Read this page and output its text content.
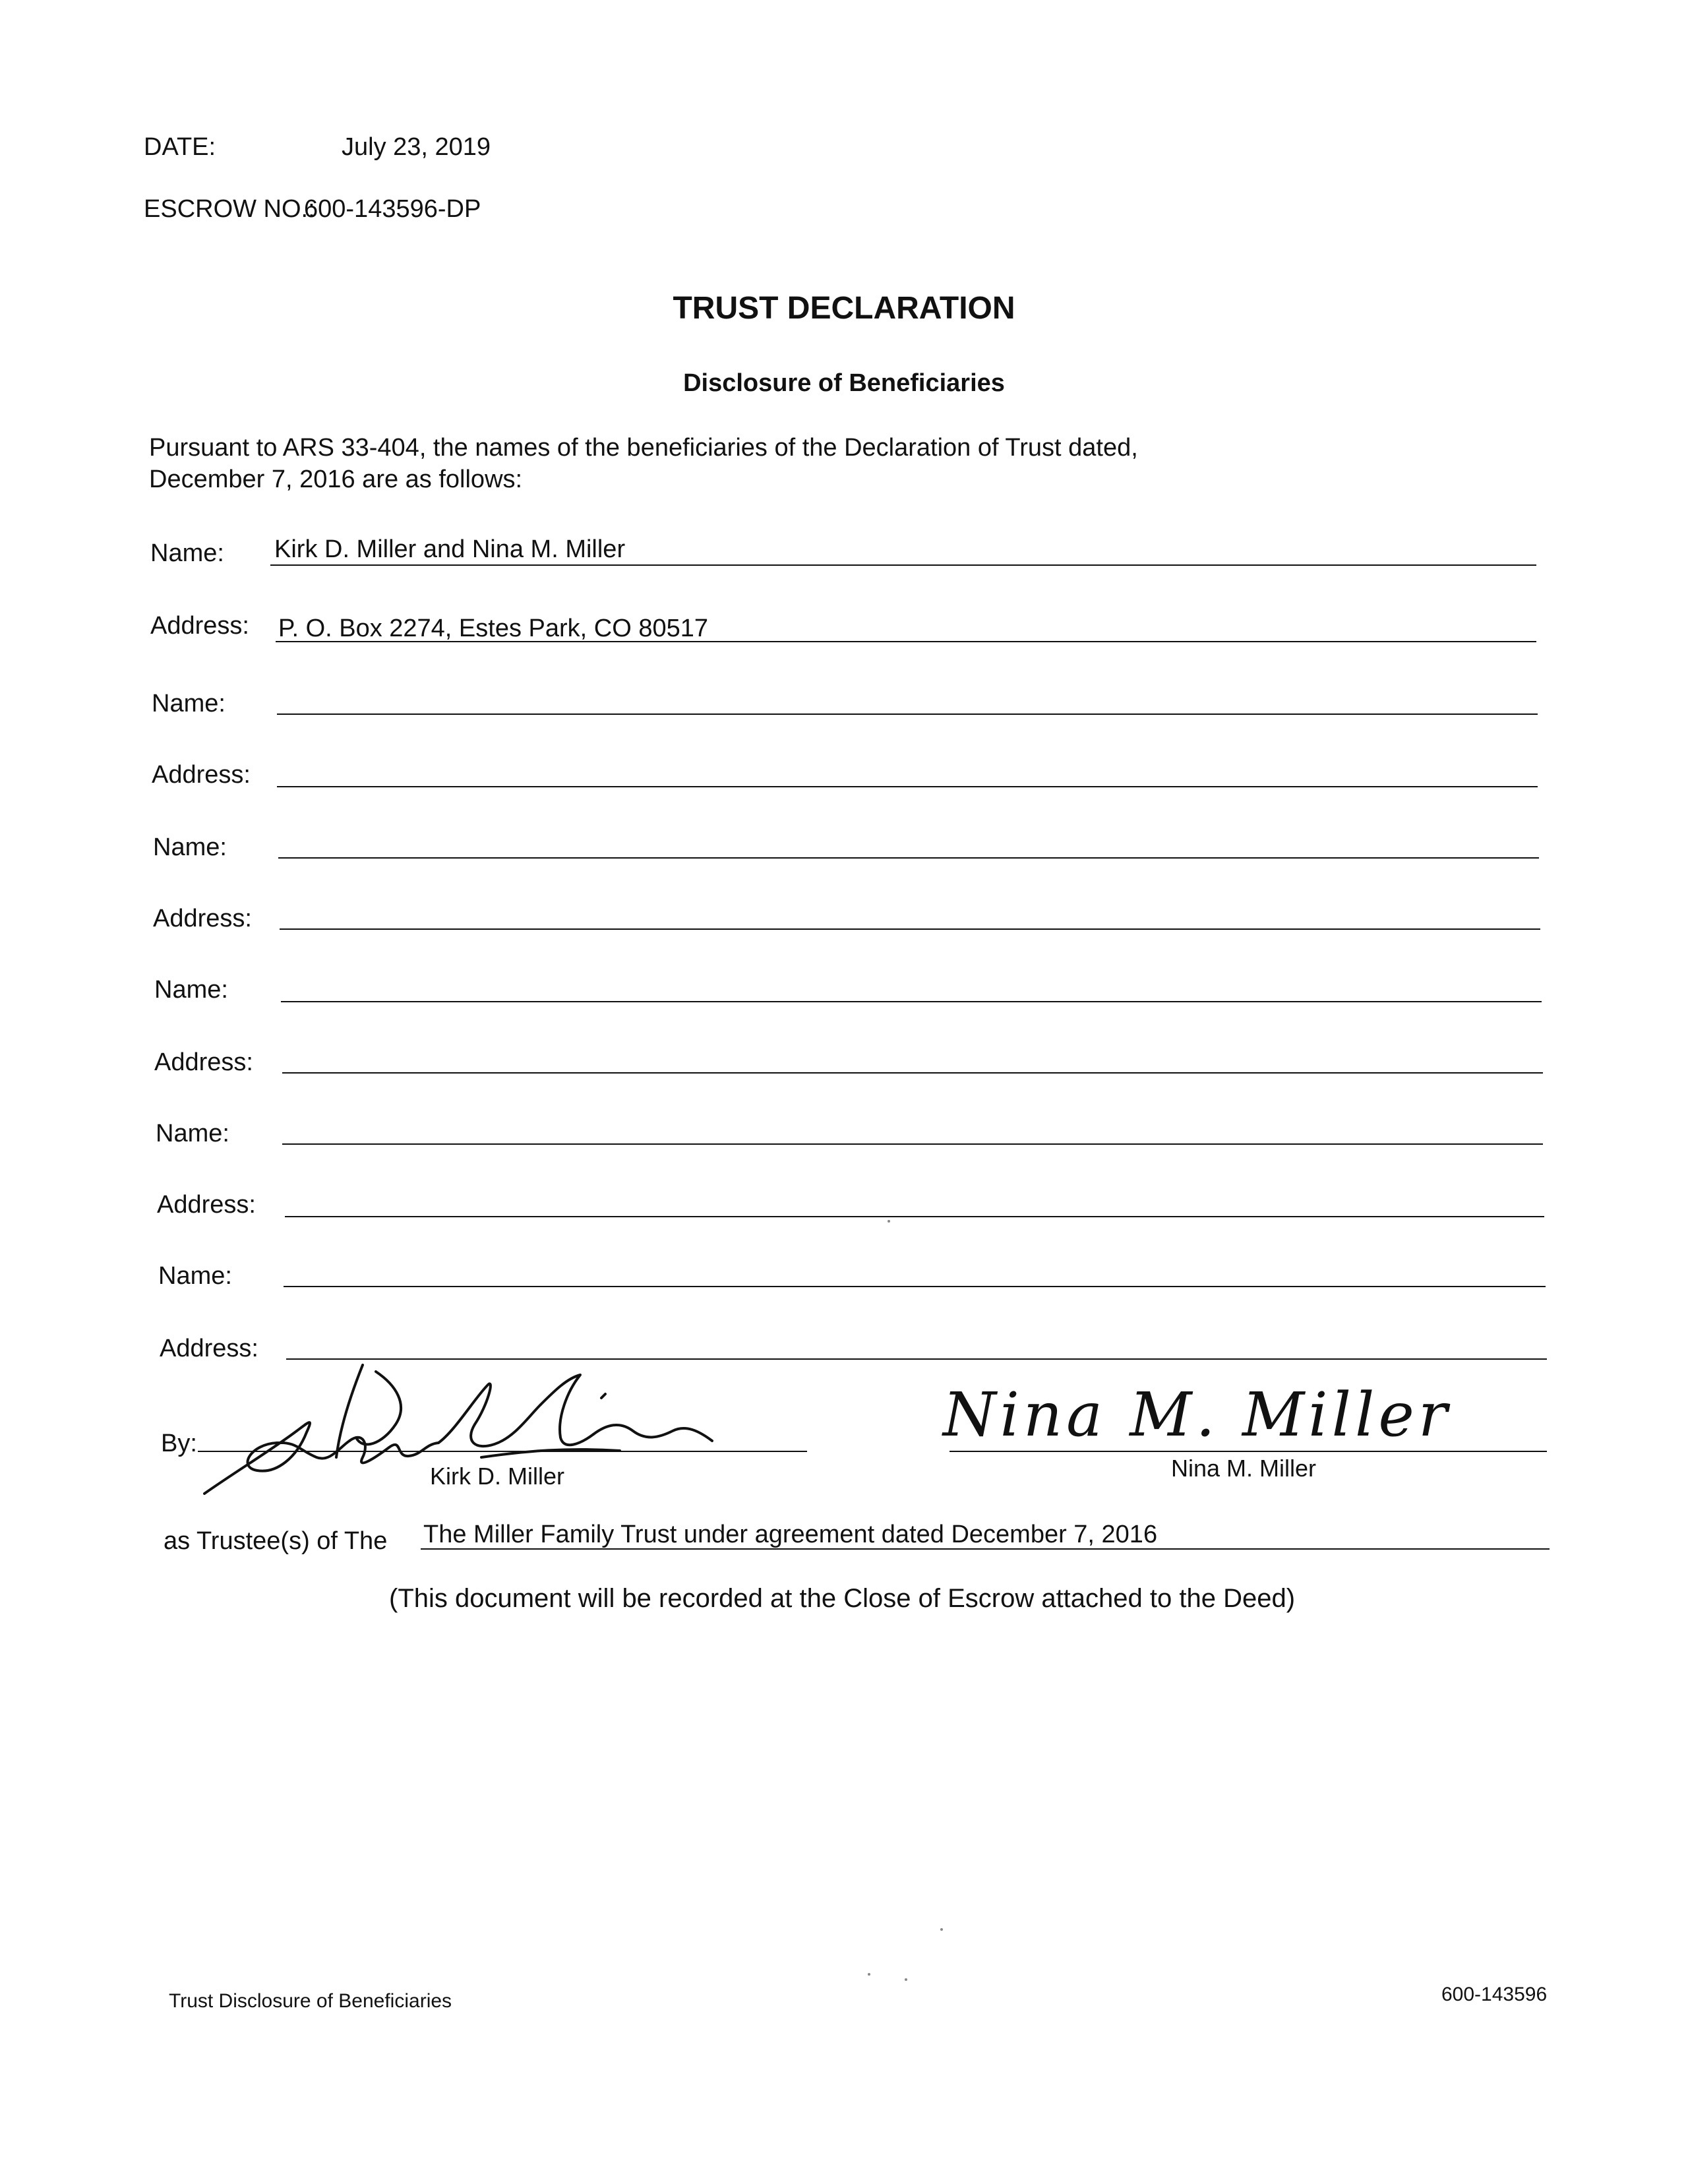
DATE:	July 23, 2019
ESCROW NO.:
600-143596-DP
TRUST DECLARATION
Disclosure of Beneficiaries
Pursuant to ARS 33-404, the names of the beneficiaries of the Declaration of Trust dated,
December 7, 2016 are as follows:
Name: Kirk D. Miller and Nina M. Miller
Address: P. O. Box 2274, Estes Park, CO 80517
Name:
Address:
Name:
Address:
Name:
Address:
Name:
Address:
Name:
Address:
By:
Kirk D. Miller
Nina M. Miller
Nina M. Miller
as Trustee(s) of The The Miller Family Trust under agreement dated December 7, 2016
(This document will be recorded at the Close of Escrow attached to the Deed)
Trust Disclosure of Beneficiaries	600-143596
